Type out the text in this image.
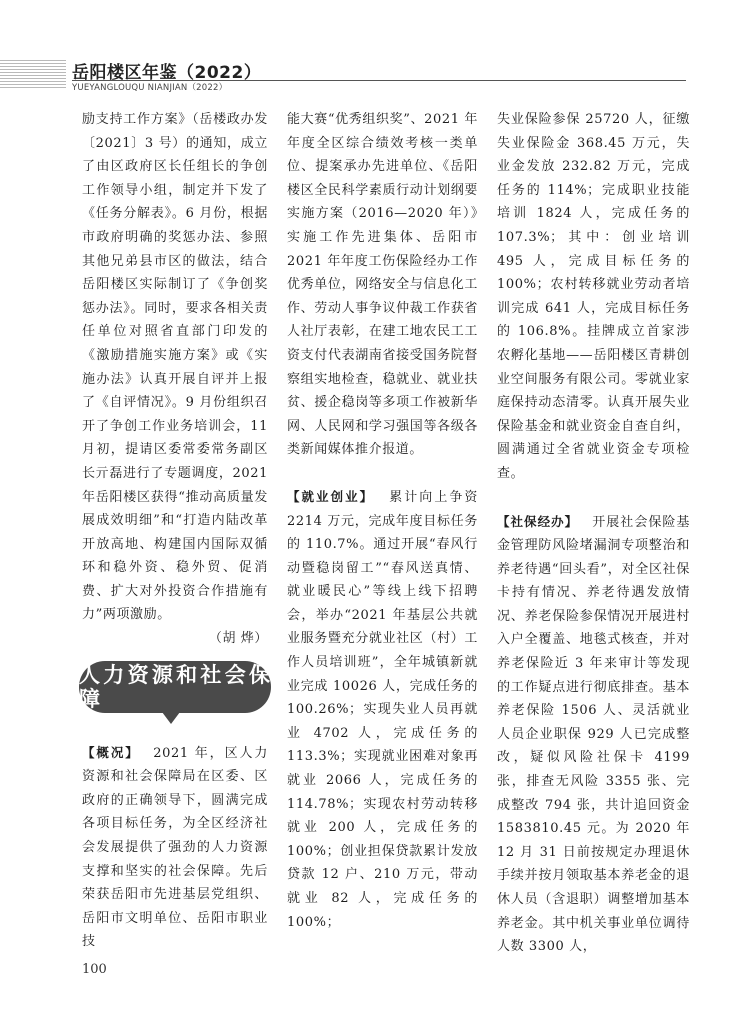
岳阳楼区年鉴（2022）
YUEYANGLOUQU NIANJIAN（2022）

励支持工作方案》（岳楼政办发〔2021〕3 号）的通知，成立了由区政府区长任组长的争创工作领导小组，制定并下发了《任务分解表》。6 月份，根据市政府明确的奖惩办法、参照其他兄弟县市区的做法，结合岳阳楼区实际制订了《争创奖惩办法》。同时，要求各相关责任单位对照省直部门印发的《激励措施实施方案》或《实施办法》认真开展自评并上报了《自评情况》。9 月份组织召开了争创工作业务培训会，11 月初，提请区委常委常务副区长亓磊进行了专题调度，2021 年岳阳楼区获得“推动高质量发展成效明细”和“打造内陆改革开放高地、构建国内国际双循环和稳外资、稳外贸、促消费、扩大对外投资合作措施有力”两项激励。

（胡 烨）

人力资源和社会保障

【概况】  2021 年，区人力资源和社会保障局在区委、区政府的正确领导下，圆满完成各项目标任务，为全区经济社会发展提供了强劲的人力资源支撑和坚实的社会保障。先后荣获岳阳市先进基层党组织、岳阳市文明单位、岳阳市职业技

能大赛“优秀组织奖”、2021 年年度全区综合绩效考核一类单位、提案承办先进单位、《岳阳楼区全民科学素质行动计划纲要实施方案（2016—2020 年）》实施工作先进集体、岳阳市 2021 年年度工伤保险经办工作优秀单位，网络安全与信息化工作、劳动人事争议仲裁工作获省人社厅表彰，在建工地农民工工资支付代表湖南省接受国务院督察组实地检查，稳就业、就业扶贫、援企稳岗等多项工作被新华网、人民网和学习强国等各级各类新闻媒体推介报道。

【就业创业】  累计向上争资 2214 万元，完成年度目标任务的 110.7%。通过开展“春风行动暨稳岗留工”“春风送真情、就业暖民心”等线上线下招聘会，举办“2021 年基层公共就业服务暨充分就业社区（村）工作人员培训班”，全年城镇新就业完成 10026 人，完成任务的 100.26%；实现失业人员再就业 4702 人，完成任务的 113.3%；实现就业困难对象再就业 2066 人，完成任务的 114.78%；实现农村劳动转移就业 200 人，完成任务的 100%；创业担保贷款累计发放贷款 12 户、210 万元，带动就业 82 人，完成任务的 100%；

失业保险参保 25720 人，征缴失业保险金 368.45 万元，失业金发放 232.82 万元，完成任务的 114%；完成职业技能培训 1824 人，完成任务的 107.3%；其中：创业培训 495 人，完成目标任务的 100%；农村转移就业劳动者培训完成 641 人，完成目标任务的 106.8%。挂牌成立首家涉农孵化基地——岳阳楼区青耕创业空间服务有限公司。零就业家庭保持动态清零。认真开展失业保险基金和就业资金自查自纠，圆满通过全省就业资金专项检查。

【社保经办】  开展社会保险基金管理防风险堵漏洞专项整治和养老待遇“回头看”，对全区社保卡持有情况、养老待遇发放情况、养老保险参保情况开展进村入户全覆盖、地毯式核查，并对养老保险近 3 年来审计等发现的工作疑点进行彻底排查。基本养老保险 1506 人、灵活就业人员企业职保 929 人已完成整改，疑似风险社保卡 4199 张，排查无风险 3355 张、完成整改 794 张，共计追回资金 1583810.45 元。为 2020 年 12 月 31 日前按规定办理退休手续并按月领取基本养老金的退休人员（含退职）调整增加基本养老金。其中机关事业单位调待人数 3300 人，

100
